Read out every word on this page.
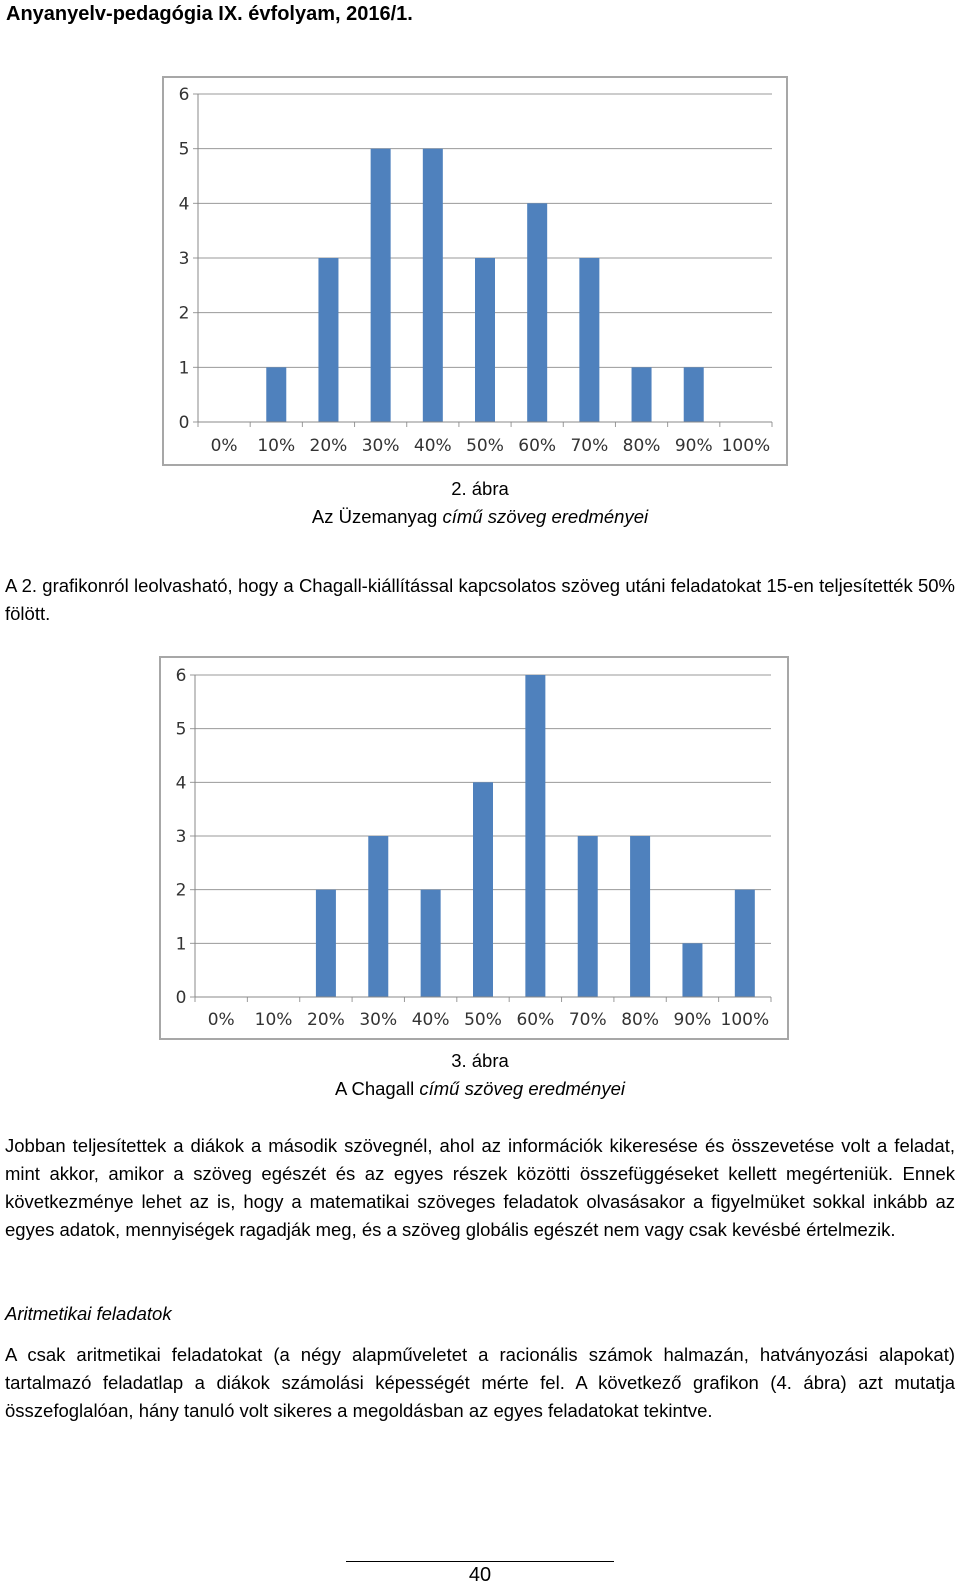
Anyanyelv-pedagógia IX. évfolyam, 2016/1.
0
1
2
3
4
5
6
0% 10% 20% 30% 40% 50% 60% 70% 80% 90% 100%
2. ábra
Az Üzemanyag című szöveg eredményei
A 2. grafikonról leolvasható, hogy a Chagall-kiállítással kapcsolatos szöveg utáni feladatokat 15-en teljesítették 50% fölött.
0
1
2
3
4
5
6
0% 10% 20% 30% 40% 50% 60% 70% 80% 90% 100%
3. ábra
A Chagall című szöveg eredményei
Jobban teljesítettek a diákok a második szövegnél, ahol az információk kikeresése és összevetése volt a feladat, mint akkor, amikor a szöveg egészét és az egyes részek közötti összefüggéseket kellett megérteniük. Ennek következménye lehet az is, hogy a matematikai szöveges feladatok olvasásakor a figyelmüket sokkal inkább az egyes adatok, mennyiségek ragadják meg, és a szöveg globális egészét nem vagy csak kevésbé értelmezik.
Aritmetikai feladatok
A csak aritmetikai feladatokat (a négy alapműveletet a racionális számok halmazán, hatványozási alapokat) tartalmazó feladatlap a diákok számolási képességét mérte fel. A következő grafikon (4. ábra) azt mutatja összefoglalóan, hány tanuló volt sikeres a megoldásban az egyes feladatokat tekintve.
40
